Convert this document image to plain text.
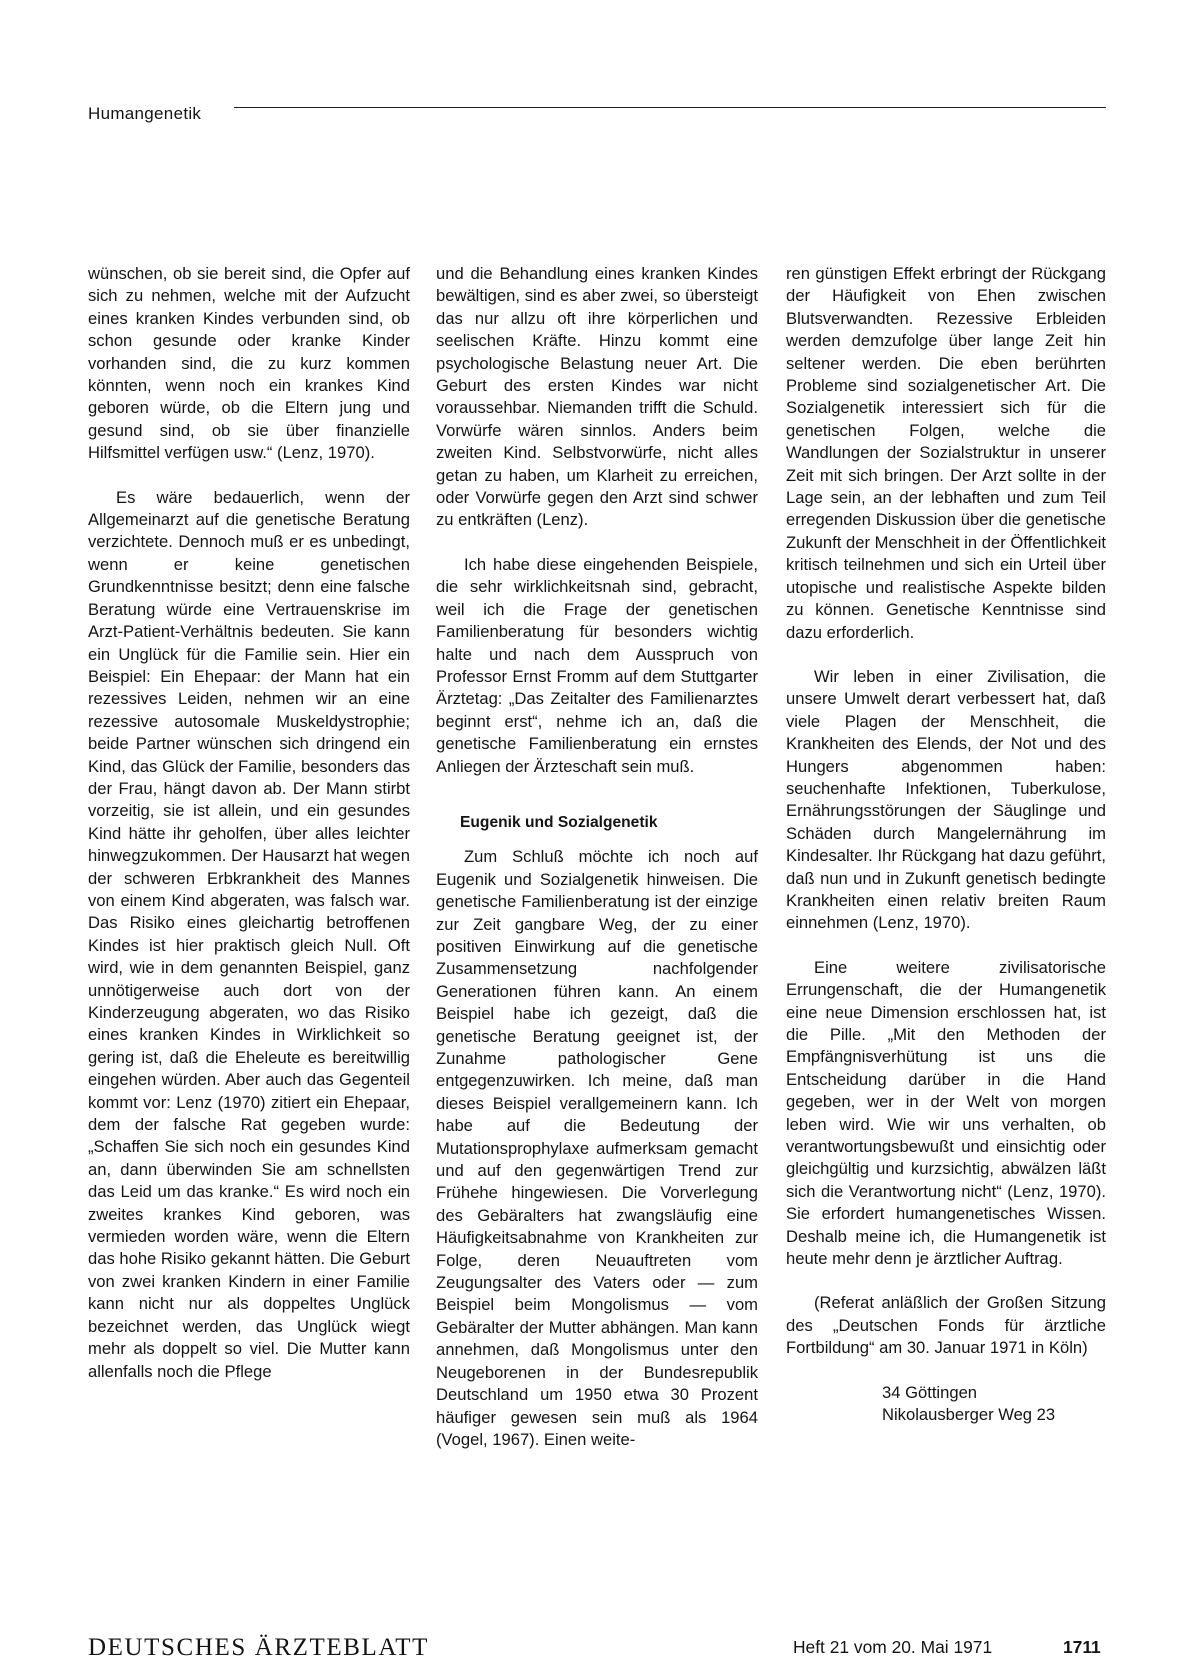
Humangenetik

wünschen, ob sie bereit sind, die Opfer auf sich zu nehmen, welche mit der Aufzucht eines kranken Kindes verbunden sind, ob schon gesunde oder kranke Kinder vorhanden sind, die zu kurz kommen könnten, wenn noch ein krankes Kind geboren würde, ob die Eltern jung und gesund sind, ob sie über finanzielle Hilfsmittel verfügen usw.“ (Lenz, 1970).

Es wäre bedauerlich, wenn der Allgemeinarzt auf die genetische Beratung verzichtete. Dennoch muß er es unbedingt, wenn er keine genetischen Grundkenntnisse besitzt; denn eine falsche Beratung würde eine Vertrauenskrise im Arzt-Patient-Verhältnis bedeuten. Sie kann ein Unglück für die Familie sein. Hier ein Beispiel: Ein Ehepaar: der Mann hat ein rezessives Leiden, nehmen wir an eine rezessive autosomale Muskeldystrophie; beide Partner wünschen sich dringend ein Kind, das Glück der Familie, besonders das der Frau, hängt davon ab. Der Mann stirbt vorzeitig, sie ist allein, und ein gesundes Kind hätte ihr geholfen, über alles leichter hinwegzukommen. Der Hausarzt hat wegen der schweren Erbkrankheit des Mannes von einem Kind abgeraten, was falsch war. Das Risiko eines gleichartig betroffenen Kindes ist hier praktisch gleich Null. Oft wird, wie in dem genannten Beispiel, ganz unnötigerweise auch dort von der Kinderzeugung abgeraten, wo das Risiko eines kranken Kindes in Wirklichkeit so gering ist, daß die Eheleute es bereitwillig eingehen würden. Aber auch das Gegenteil kommt vor: Lenz (1970) zitiert ein Ehepaar, dem der falsche Rat gegeben wurde: „Schaffen Sie sich noch ein gesundes Kind an, dann überwinden Sie am schnellsten das Leid um das kranke.“ Es wird noch ein zweites krankes Kind geboren, was vermieden worden wäre, wenn die Eltern das hohe Risiko gekannt hätten. Die Geburt von zwei kranken Kindern in einer Familie kann nicht nur als doppeltes Unglück bezeichnet werden, das Unglück wiegt mehr als doppelt so viel. Die Mutter kann allenfalls noch die Pflege

und die Behandlung eines kranken Kindes bewältigen, sind es aber zwei, so übersteigt das nur allzu oft ihre körperlichen und seelischen Kräfte. Hinzu kommt eine psychologische Belastung neuer Art. Die Geburt des ersten Kindes war nicht voraussehbar. Niemanden trifft die Schuld. Vorwürfe wären sinnlos. Anders beim zweiten Kind. Selbstvorwürfe, nicht alles getan zu haben, um Klarheit zu erreichen, oder Vorwürfe gegen den Arzt sind schwer zu entkräften (Lenz).

Ich habe diese eingehenden Beispiele, die sehr wirklichkeitsnah sind, gebracht, weil ich die Frage der genetischen Familienberatung für besonders wichtig halte und nach dem Ausspruch von Professor Ernst Fromm auf dem Stuttgarter Ärztetag: „Das Zeitalter des Familienarztes beginnt erst“, nehme ich an, daß die genetische Familienberatung ein ernstes Anliegen der Ärzteschaft sein muß.

Eugenik und Sozialgenetik

Zum Schluß möchte ich noch auf Eugenik und Sozialgenetik hinweisen. Die genetische Familienberatung ist der einzige zur Zeit gangbare Weg, der zu einer positiven Einwirkung auf die genetische Zusammensetzung nachfolgender Generationen führen kann. An einem Beispiel habe ich gezeigt, daß die genetische Beratung geeignet ist, der Zunahme pathologischer Gene entgegenzuwirken. Ich meine, daß man dieses Beispiel verallgemeinern kann. Ich habe auf die Bedeutung der Mutationsprophylaxe aufmerksam gemacht und auf den gegenwärtigen Trend zur Frühehe hingewiesen. Die Vorverlegung des Gebäralters hat zwangsläufig eine Häufigkeitsabnahme von Krankheiten zur Folge, deren Neuauftreten vom Zeugungsalter des Vaters oder — zum Beispiel beim Mongolismus — vom Gebäralter der Mutter abhängen. Man kann annehmen, daß Mongolismus unter den Neugeborenen in der Bundesrepublik Deutschland um 1950 etwa 30 Prozent häufiger gewesen sein muß als 1964 (Vogel, 1967). Einen weite-

ren günstigen Effekt erbringt der Rückgang der Häufigkeit von Ehen zwischen Blutsverwandten. Rezessive Erbleiden werden demzufolge über lange Zeit hin seltener werden. Die eben berührten Probleme sind sozialgenetischer Art. Die Sozialgenetik interessiert sich für die genetischen Folgen, welche die Wandlungen der Sozialstruktur in unserer Zeit mit sich bringen. Der Arzt sollte in der Lage sein, an der lebhaften und zum Teil erregenden Diskussion über die genetische Zukunft der Menschheit in der Öffentlichkeit kritisch teilnehmen und sich ein Urteil über utopische und realistische Aspekte bilden zu können. Genetische Kenntnisse sind dazu erforderlich.

Wir leben in einer Zivilisation, die unsere Umwelt derart verbessert hat, daß viele Plagen der Menschheit, die Krankheiten des Elends, der Not und des Hungers abgenommen haben: seuchenhafte Infektionen, Tuberkulose, Ernährungsstörungen der Säuglinge und Schäden durch Mangelernährung im Kindesalter. Ihr Rückgang hat dazu geführt, daß nun und in Zukunft genetisch bedingte Krankheiten einen relativ breiten Raum einnehmen (Lenz, 1970).

Eine weitere zivilisatorische Errungenschaft, die der Humangenetik eine neue Dimension erschlossen hat, ist die Pille. „Mit den Methoden der Empfängnisverhütung ist uns die Entscheidung darüber in die Hand gegeben, wer in der Welt von morgen leben wird. Wie wir uns verhalten, ob verantwortungsbewußt und einsichtig oder gleichgültig und kurzsichtig, abwälzen läßt sich die Verantwortung nicht“ (Lenz, 1970). Sie erfordert humangenetisches Wissen. Deshalb meine ich, die Humangenetik ist heute mehr denn je ärztlicher Auftrag.

(Referat anläßlich der Großen Sitzung des „Deutschen Fonds für ärztliche Fortbildung“ am 30. Januar 1971 in Köln)

34 Göttingen
Nikolausberger Weg 23
DEUTSCHES ÄRZTEBLATT	Heft 21 vom 20. Mai 1971	1711
